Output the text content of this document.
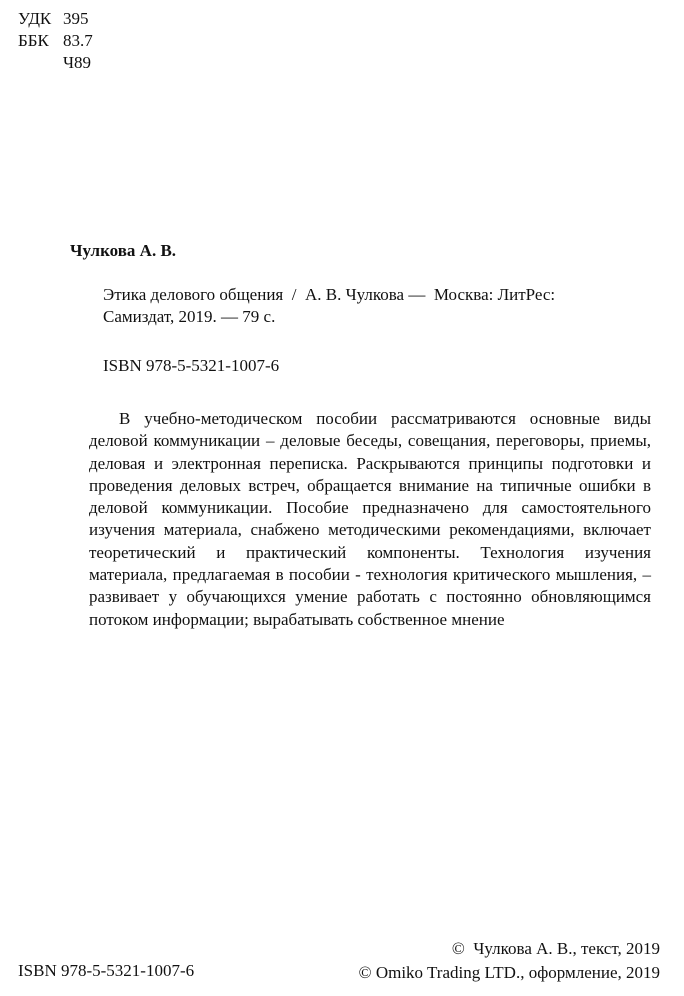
УДК 395
ББК 83.7
Ч89
Чулкова А. В.
Этика делового общения  /  А. В. Чулкова —  Москва: ЛитРес:
Самиздат, 2019. — 79 с.
ISBN 978-5-5321-1007-6

В учебно-методическом пособии рассматриваются основные виды деловой коммуникации – деловые беседы, совещания, переговоры, приемы, деловая и электронная переписка. Раскрываются принципы подготовки и проведения деловых встреч, обращается внимание на типичные ошибки в деловой коммуникации. Пособие предназначено для самостоятельного изучения материала, снабжено методическими рекомендациями, включает теоретический и практический компоненты. Технология изучения материала, предлагаемая в пособии - технология критического мышления, – развивает у обучающихся умение работать с постоянно обновляющимся потоком информации; вырабатывать собственное мнение

ISBN 978-5-5321-1007-6
©  Чулкова А. В., текст, 2019
© Omiko Trading LTD., оформление, 2019
